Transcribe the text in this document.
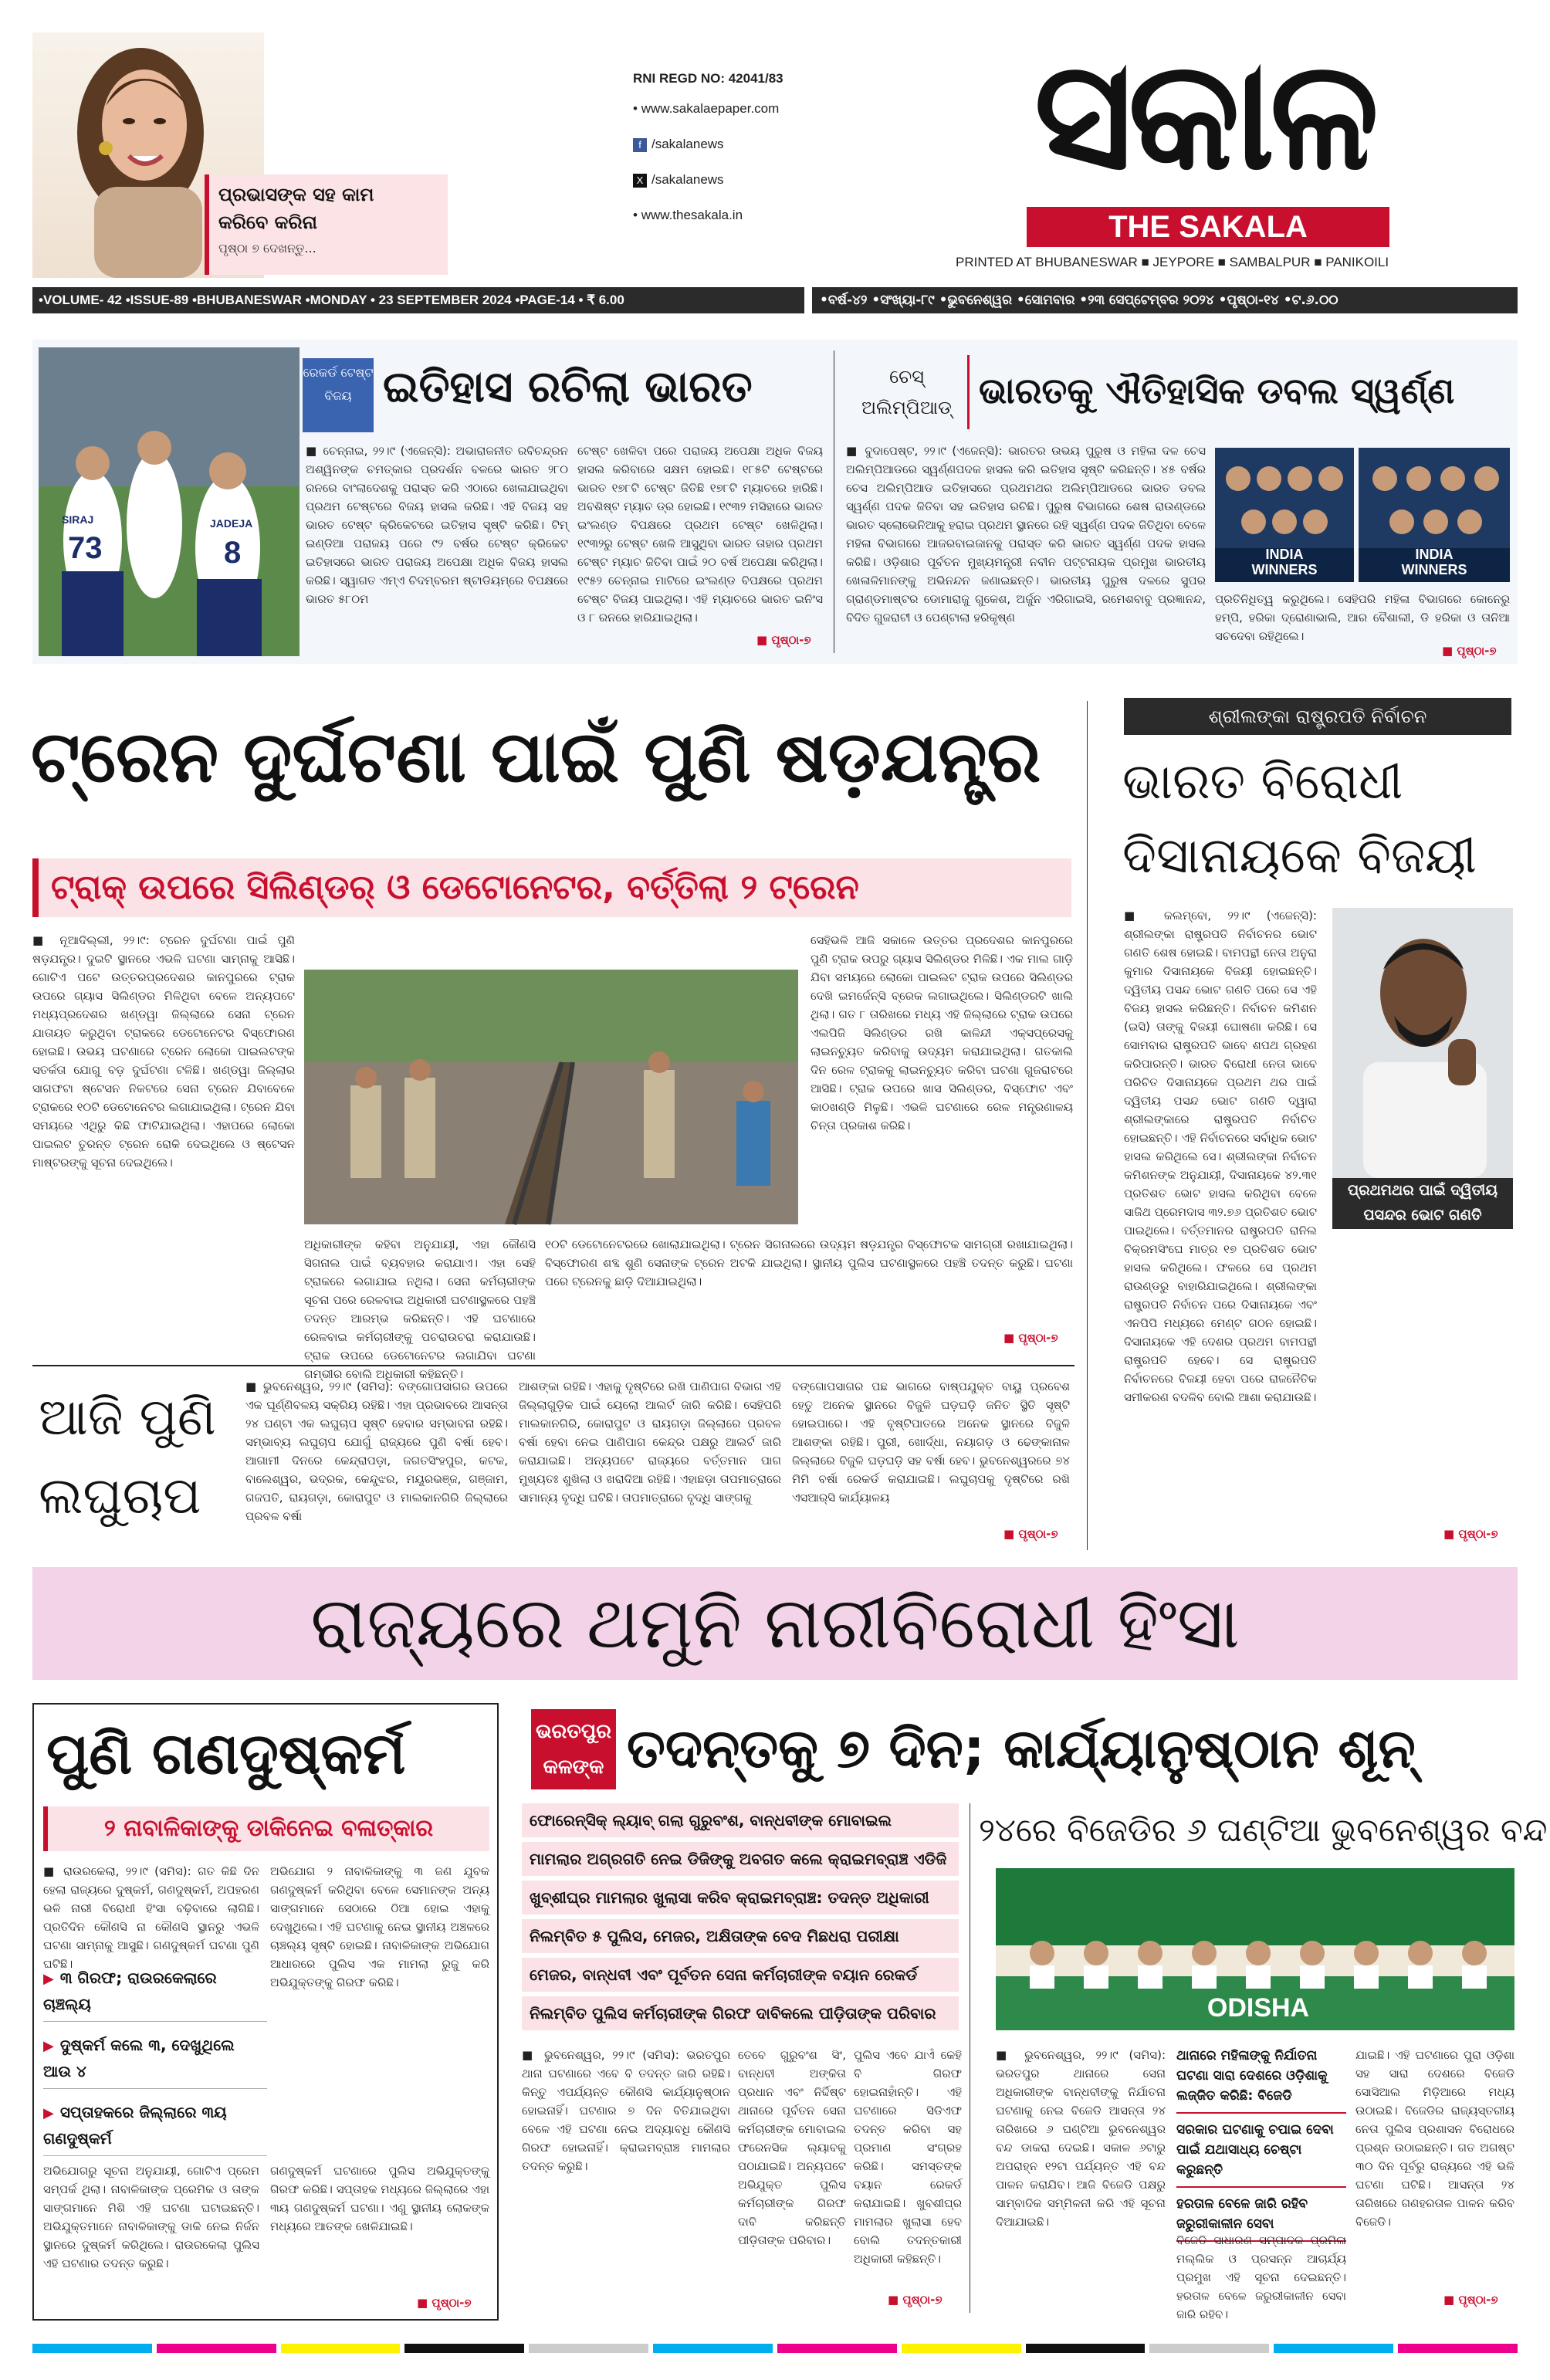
ପ୍ରଭାସଙ୍କ ସହ କାମ
କରିବେ କରିନା
ପୃଷ୍ଠା ୭ ଦେଖନ୍ତୁ...
RNI REGD NO: 42041/83
• www.sakalaepaper.com
f /sakalanews
X /sakalanews
• www.thesakala.in
ସକାଳ
THE SAKALA
PRINTED AT BHUBANESWAR ■ JEYPORE ■ SAMBALPUR ■ PANIKOILI
•VOLUME- 42 •ISSUE-89 •BHUBANESWAR •MONDAY • 23 SEPTEMBER 2024 •PAGE-14 • ₹ 6.00	•ବର୍ଷ-୪୨ •ସଂଖ୍ୟା-୮୯ •ଭୁବନେଶ୍ୱର •ସୋମବାର •୨୩ ସେପ୍ଟେମ୍ବର ୨୦୨୪ •ପୃଷ୍ଠା-୧୪ •ଟ.୬.୦୦
SIRAJ
73
JADEJA
8
ରେକର୍ଡ ଟେଷ୍ଟ ବିଜୟ ଇତିହାସ ରଚିଲା ଭାରତ
■ ଚେନ୍ନାଇ, ୨୨।୯ (ଏଜେନ୍ସି): ଅଭାରାଜନୀତ ରବିଚନ୍ଦ୍ରନ ଅଶ୍ୱିନଙ୍କ ଚମତ୍କାର ପ୍ରଦର୍ଶନ ବଳରେ ଭାରତ ୨୮୦ ରନରେ ବାଂଲାଦେଶକୁ ପରାସ୍ତ କରି ଏଠାରେ ଖେଳାଯାଇଥିବା ପ୍ରଥମ ଟେଷ୍ଟରେ ବିଜୟ ହାସଲ କରିଛି। ଏହି ବିଜୟ ସହ ଭାରତ ଟେଷ୍ଟ କ୍ରିକେଟରେ ଇତିହାସ ସୃଷ୍ଟି କରିଛି। ଟିମ୍ ଇଣ୍ଡିଆ ପରାଜୟ ପରେ ୯୨ ବର୍ଷର ଟେଷ୍ଟ କ୍ରିକେଟ ଇତିହାସରେ ଭାରତ ପରାଜୟ ଅପେକ୍ଷା ଅଧିକ ବିଜୟ ହାସଲ କରିଛି। ସ୍ୱାଗତ ଏମ୍‌ଏ ଚିଦମ୍ବରମ ଷ୍ଟାଡିୟମ୍‌ରେ ବିପକ୍ଷରେ ଭାରତ ୫୮୦ମ
ଟେଷ୍ଟ ଖେଳିବା ପରେ ପରାଜୟ ଅପେକ୍ଷା ଅଧିକ ବିଜୟ ହାସଲ କରିବାରେ ସକ୍ଷମ ହୋଇଛି। ୧୮୫ଟି ଟେଷ୍ଟରେ ଭାରତ ୧୭୮ଟି ଟେଷ୍ଟ ଜିତିଛି ୧୭୮ଟି ମ୍ୟାଚରେ ହାରିଛି। ଅବଶିଷ୍ଟ ମ୍ୟାଚ ଡ୍ର ହୋଇଛି। ୧୯୩୨ ମସିହାରେ ଭାରତ ଇଂଲଣ୍ଡ ବିପକ୍ଷରେ ପ୍ରଥମ ଟେଷ୍ଟ ଖେଳିଥିଲା। ୧୯୩୨ରୁ ଟେଷ୍ଟ ଖେଳି ଆସୁଥିବା ଭାରତ ତାହାର ପ୍ରଥମ ଟେଷ୍ଟ ମ୍ୟାଚ ଜିତିବା ପାଇଁ ୨୦ ବର୍ଷ ଅପେକ୍ଷା କରିଥିଲା। ୧୯୫୨ ଚେନ୍ନାଇ ମାଟିରେ ଇଂଲଣ୍ଡ ବିପକ୍ଷରେ ପ୍ରଥମ ଟେଷ୍ଟ ବିଜୟ ପାଇଥିଲା। ଏହି ମ୍ୟାଚରେ ଭାରତ ଇନିଂସ ଓ ୮ ରନରେ ହାରିଯାଇଥିଲା।
■ ପୃଷ୍ଠା-୭
ଚେସ୍ ଅଲିମ୍ପିଆଡ୍ ଭାରତକୁ ଐତିହାସିକ ଡବଲ ସ୍ୱର୍ଣ୍ଣ
■ ବୁଦାପେଷ୍ଟ, ୨୨।୯ (ଏଜେନ୍ସି): ଭାରତର ଉଭୟ ପୁରୁଷ ଓ ମହିଳା ଦଳ ଚେସ ଅଲିମ୍ପିଆଡରେ ସ୍ୱର୍ଣ୍ଣପଦକ ହାସଲ କରି ଇତିହାସ ସୃଷ୍ଟି କରିଛନ୍ତି। ୪୫ ବର୍ଷର ଚେସ ଅଲିମ୍ପିଆଡ ଇତିହାସରେ ପ୍ରଥମଥର ଅଲିମ୍ପିଆଡରେ ଭାରତ ଡବଲ ସ୍ୱର୍ଣ୍ଣ ପଦକ ଜିତିବା ସହ ଇତିହାସ ରଚିଛି। ପୁରୁଷ ବିଭାଗରେ ଶେଷ ରାଉଣ୍ଡରେ ଭାରତ ସ୍ଲୋଭେନିଆକୁ ହରାଇ ପ୍ରଥମ ସ୍ଥାନରେ ରହି ସ୍ୱର୍ଣ୍ଣ ପଦକ ଜିତିଥିବା ବେଳେ ମହିଳା ବିଭାଗରେ ଆଜରବାଇଜାନକୁ ପରାସ୍ତ କରି ଭାରତ ସ୍ୱର୍ଣ୍ଣ ପଦକ ହାସଲ କରିଛି। ଓଡ଼ିଶାର ପୂର୍ବତନ ମୁଖ୍ୟମନ୍ତ୍ରୀ ନବୀନ ପଟ୍ଟନାୟକ ପ୍ରମୁଖ ଭାରତୀୟ ଖେଳାଳିମାନଙ୍କୁ ଅଭିନନ୍ଦନ ଜଣାଇଛନ୍ତି। ଭାରତୀୟ ପୁରୁଷ ଦଳରେ ସୁପର ଗ୍ରାଣ୍ଡମାଷ୍ଟର ଡୋମାରାଜୁ ଗୁକେଶ, ଅର୍ଜୁନ ଏରିଗାଇସି, ରମେଶବାବୁ ପ୍ରଜ୍ଞାନନ୍ଦ, ବିଦିତ ଗୁଜରାଟୀ ଓ ପେଣ୍ଟାଲା ହରିକୃଷ୍ଣ
INDIA
WINNERS
INDIA
WINNERS
ପ୍ରତିନିଧିତ୍ୱ କରୁଥିଲେ। ସେହିପରି ମହିଳା ବିଭାଗରେ କୋନେରୁ ହମ୍ପି, ହରିକା ଦ୍ରୋଣାଭାଲି, ଆର ବୈଶାଲୀ, ଡି ହରିକା ଓ ତାନିଆ ସଚଦେବା ରହିଥିଲେ।
■ ପୃଷ୍ଠା-୭
ଟ୍ରେନ ଦୁର୍ଘଟଣା ପାଇଁ ପୁଣି ଷଡ଼ଯନ୍ତ୍ର
ଟ୍ରାକ୍ ଉପରେ ସିଲିଣ୍ଡର୍ ଓ ଡେଟୋନେଟର, ବର୍ତ୍ତିଲା ୨ ଟ୍ରେନ
■ ନୂଆଦିଲ୍ଲୀ, ୨୨।୯: ଟ୍ରେନ ଦୁର୍ଘଟଣା ପାଇଁ ପୁଣି ଷଡ଼ଯନ୍ତ୍ର। ଦୁଇଟି ସ୍ଥାନରେ ଏଭଳି ଘଟଣା ସାମ୍ନାକୁ ଆସିଛି। ଗୋଟିଏ ପଟେ ଉତ୍ତରପ୍ରଦେଶର କାନପୁରରେ ଟ୍ରାକ ଉପରେ ଗ୍ୟାସ ସିଲିଣ୍ଡର ମିଳିଥିବା ବେଳେ ଅନ୍ୟପଟେ ମଧ୍ୟପ୍ରଦେଶର ଖଣ୍ଡୱା ଜିଲ୍ଲାରେ ସେନା ଟ୍ରେନ ଯାତାୟତ କରୁଥିବା ଟ୍ରାକରେ ଡେଟୋନେଟର ବିସ୍ଫୋରଣ ହୋଇଛି। ଉଭୟ ଘଟଣାରେ ଟ୍ରେନ ଲୋକୋ ପାଇଲଟଙ୍କ ସତର୍କତା ଯୋଗୁ ବଡ଼ ଦୁର୍ଘଟଣା ଟଳିଛି। ଖଣ୍ଡୱା ଜିଲ୍ଲାର ସାଗଫଟା ଷ୍ଟେସନ ନିକଟରେ ସେନା ଟ୍ରେନ ଯିବାବେଳେ ଟ୍ରାକରେ ୧୦ଟି ଡେଟୋନେଟର ଲଗାଯାଇଥିଲା। ଟ୍ରେନ ଯିବା ସମୟରେ ଏଥିରୁ କିଛି ଫାଟିଯାଇଥିଲା। ଏହାପରେ ଲୋକୋ ପାଇଲଟ ତୁରନ୍ତ ଟ୍ରେନ ରୋକି ଦେଇଥିଲେ ଓ ଷ୍ଟେସନ ମାଷ୍ଟରଙ୍କୁ ସୂଚନା ଦେଇଥିଲେ।
ଅଧିକାରୀଙ୍କ କହିବା ଅନୁଯାୟୀ, ଏହା କୌଣସି ସିଗନାଲ ପାଇଁ ବ୍ୟବହାର କରାଯାଏ। ଏହା ସେହି ଟ୍ରାକରେ ଲଗାଯାଇ ନଥିଲା। ସେନା କର୍ମଚାରୀଙ୍କ ସୂଚନା ପରେ ରେଳବାଇ ଅଧିକାରୀ ଘଟଣାସ୍ଥଳରେ ପହଞ୍ଚି ତଦନ୍ତ ଆରମ୍ଭ କରିଛନ୍ତି। ଏହି ଘଟଣାରେ ରେଳବାଇ କର୍ମଚାରୀଙ୍କୁ ପଚରାଉଚରା କରାଯାଉଛି। ଟ୍ରାକ ଉପରେ ଡେଟୋନେଟର ଲଗାଯିବା ଘଟଣା ଗମ୍ଭୀର ବୋଲି ଅଧିକାରୀ କହିଛନ୍ତି।
ସେହିଭଳି ଆଜି ସକାଳେ ଉତ୍ତର ପ୍ରଦେଶର କାନପୁରରେ ପୁଣି ଟ୍ରାକ ଉପରୁ ଗ୍ୟାସ ସିଲିଣ୍ଡର ମିଳିଛି। ଏକ ମାଲ ଗାଡ଼ି ଯିବା ସମୟରେ ଲୋକୋ ପାଇଲଟ ଟ୍ରାକ ଉପରେ ସିଲିଣ୍ଡର ଦେଖି ଇମର୍ଜେନ୍ସି ବ୍ରେକ ଲଗାଇଥିଲେ। ସିଲିଣ୍ଡରଟି ଖାଲି ଥିଲା। ଗତ ୮ ତାରିଖରେ ମଧ୍ୟ ଏହି ଜିଲ୍ଲାରେ ଟ୍ରାକ ଉପରେ ଏଲପିଜି ସିଲିଣ୍ଡର ରଖି କାଳିନ୍ଦୀ ଏକ୍ସପ୍ରେସକୁ ଲାଇନଚ୍ୟୁତ କରିବାକୁ ଉଦ୍ୟମ କରାଯାଇଥିଲା। ଗତକାଲି ଦିନ ରେଳ ଟ୍ରାକକୁ ଲାଇନଚ୍ୟୁତ କରିବା ଘଟଣା ଗୁଜରାଟରେ ଆସିଛି। ଟ୍ରାକ ଉପରେ ଖାସ ସିଲିଣ୍ଡର, ବିସ୍ଫୋଟ ଏବଂ କାଠଖଣ୍ଡି ମିଳୁଛି। ଏଭଳି ଘଟଣାରେ ରେଳ ମନ୍ତ୍ରଣାଳୟ ଚିନ୍ତା ପ୍ରକାଶ କରିଛି।
୧୦ଟି ଡେଟୋନେଟରରେ ଖୋଲାଯାଇଥିଲା। ଟ୍ରେନ ସିଗନାଲରେ ଉଦ୍ୟମ ଷଡ଼ଯନ୍ତ୍ର ବିସ୍ଫୋଟକ ସାମଗ୍ରୀ ରଖାଯାଇଥିଲା। ବିସ୍ଫୋରଣ ଶବ୍ଦ ଶୁଣି ସେନାଙ୍କ ଟ୍ରେନ ଅଟକି ଯାଇଥିଲା। ସ୍ଥାନୀୟ ପୁଲିସ ଘଟଣାସ୍ଥଳରେ ପହଞ୍ଚି ତଦନ୍ତ କରୁଛି। ଘଟଣା ପରେ ଟ୍ରେନକୁ ଛାଡ଼ି ଦିଆଯାଇଥିଲା।
■ ପୃଷ୍ଠା-୭
ଶ୍ରୀଲଙ୍କା ରାଷ୍ଟ୍ରପତି ନିର୍ବାଚନ
ଭାରତ ବିରୋଧୀ
ଦିସାନାୟକେ ବିଜୟୀ
■ କଲମ୍ବୋ, ୨୨।୯ (ଏଜେନ୍ସି): ଶ୍ରୀଲଙ୍କା ରାଷ୍ଟ୍ରପତି ନିର୍ବାଚନର ଭୋଟ ଗଣତି ଶେଷ ହୋଇଛି। ବାମପନ୍ଥୀ ନେତା ଅନୁରା କୁମାର ଦିସାନାୟକେ ବିଜୟୀ ହୋଇଛନ୍ତି। ଦ୍ୱିତୀୟ ପସନ୍ଦ ଭୋଟ ଗଣତି ପରେ ସେ ଏହି ବିଜୟ ହାସଲ କରିଛନ୍ତି। ନିର୍ବାଚନ କମିଶନ (ଇସି) ତାଙ୍କୁ ବିଜୟୀ ଘୋଷଣା କରିଛି। ସେ ସୋମବାର ରାଷ୍ଟ୍ରପତି ଭାବେ ଶପଥ ଗ୍ରହଣ କରିପାରନ୍ତି। ଭାରତ ବିରୋଧୀ ନେତା ଭାବେ ପରିଚିତ ଦିସାନାୟକେ ପ୍ରଥମ ଥର ପାଇଁ ଦ୍ୱିତୀୟ ପସନ୍ଦ ଭୋଟ ଗଣତି ଦ୍ୱାରା ଶ୍ରୀଲଙ୍କାରେ ରାଷ୍ଟ୍ରପତି ନିର୍ବାଚିତ ହୋଇଛନ୍ତି। ଏହି ନିର୍ବାଚନରେ ସର୍ବାଧିକ ଭୋଟ ହାସଲ କରିଥିଲେ ସେ। ଶ୍ରୀଲଙ୍କା ନିର୍ବାଚନ କମିଶନଙ୍କ ଅନୁଯାୟୀ, ଦିସାନାୟକେ ୪୨.୩୧ ପ୍ରତିଶତ ଭୋଟ ହାସଲ କରିଥିବା ବେଳେ ସାଜିଥ ପ୍ରେମଦାସ ୩୨.୭୬ ପ୍ରତିଶତ ଭୋଟ ପାଇଥିଲେ। ବର୍ତ୍ତମାନର ରାଷ୍ଟ୍ରପତି ରାନିଲ ବିକ୍ରମସିଂଘେ ମାତ୍ର ୧୭ ପ୍ରତିଶତ ଭୋଟ ହାସଲ କରିଥିଲେ। ଫଳରେ ସେ ପ୍ରଥମ ରାଉଣ୍ଡରୁ ବାହାରିଯାଇଥିଲେ। ଶ୍ରୀଲଙ୍କା ରାଷ୍ଟ୍ରପତି ନିର୍ବାଚନ ପରେ ଦିସାନାୟକେ ଏବଂ ଏନପିପି ମଧ୍ୟରେ ମେଣ୍ଟ ଗଠନ ହୋଇଛି। ଦିସାନାୟକେ ଏହି ଦେଶର ପ୍ରଥମ ବାମପନ୍ଥୀ ରାଷ୍ଟ୍ରପତି ହେବେ। ସେ ରାଷ୍ଟ୍ରପତି ନିର୍ବାଚନରେ ବିଜୟୀ ହେବା ପରେ ରାଜନୈତିକ ସମୀକରଣ ବଦଳିବ ବୋଲି ଆଶା କରାଯାଉଛି।
ପ୍ରଥମଥର ପାଇଁ ଦ୍ୱିତୀୟ
ପସନ୍ଦର ଭୋଟ ଗଣତି
■ ପୃଷ୍ଠା-୭
ଆଜି ପୁଣି
ଲଘୁଚାପ
■ ଭୁବନେଶ୍ୱର, ୨୨।୯ (ସମିସ): ବଙ୍ଗୋପସାଗର ଉପରେ ଏକ ଘୂର୍ଣ୍ଣିବଳୟ ସକ୍ରିୟ ରହିଛି। ଏହା ପ୍ରଭାବରେ ଆସନ୍ତା ୨୪ ଘଣ୍ଟା ଏକ ଲଘୁଚାପ ସୃଷ୍ଟି ହେବାର ସମ୍ଭାବନା ରହିଛି। ସମ୍ଭାବ୍ୟ ଲଘୁଚାପ ଯୋଗୁଁ ରାଜ୍ୟରେ ପୁଣି ବର୍ଷା ହେବ। ଆଗାମୀ ଦିନରେ କେନ୍ଦ୍ରାପଡ଼ା, ଜଗତସିଂହପୁର, କଟକ, ବାଲେଶ୍ୱର, ଭଦ୍ରକ, କେନ୍ଦୁଝର, ମୟୂରଭଞ୍ଜ, ଗଞ୍ଜାମ, ଗଜପତି, ରାୟଗଡ଼ା, କୋରାପୁଟ ଓ ମାଲକାନଗିରି ଜିଲ୍ଲାରେ ପ୍ରବଳ ବର୍ଷା
ଆଶଙ୍କା ରହିଛି। ଏହାକୁ ଦୃଷ୍ଟିରେ ରଖି ପାଣିପାଗ ବିଭାଗ ଏହି ଜିଲ୍ଲାଗୁଡ଼ିକ ପାଇଁ ୟେଲୋ ଆଲର୍ଟ ଜାରି କରିଛି। ସେହିପରି ମାଲକାନଗିରି, କୋରାପୁଟ ଓ ରାୟଗଡ଼ା ଜିଲ୍ଲାରେ ପ୍ରବଳ ବର୍ଷା ହେବା ନେଇ ପାଣିପାଗ କେନ୍ଦ୍ର ପକ୍ଷରୁ ଆଲର୍ଟ ଜାରି କରାଯାଇଛି। ଅନ୍ୟପଟେ ରାଜ୍ୟରେ ବର୍ତ୍ତମାନ ପାଗ ମୁଖ୍ୟତଃ ଶୁଖିଲା ଓ ଖରାଦିଆ ରହିଛି। ଏହାଛଡ଼ା ତାପମାତ୍ରାରେ ସାମାନ୍ୟ ବୃଦ୍ଧି ଘଟିଛି। ତାପମାତ୍ରାରେ ବୃଦ୍ଧି ସାଙ୍ଗକୁ
ବଙ୍ଗୋପସାଗର ପଛ ଭାଗରେ ବାଷ୍ପଯୁକ୍ତ ବାୟୁ ପ୍ରବେଶ ହେତୁ ଅନେକ ସ୍ଥାନରେ ବିଜୁଳି ଘଡ଼ଘଡ଼ି ଜନିତ ସ୍ଥିତି ସୃଷ୍ଟି ହୋଇପାରେ। ଏହି ବୃଷ୍ଟିପାତରେ ଅନେକ ସ୍ଥାନରେ ବିଜୁଳି ଆଶଙ୍କା ରହିଛି। ପୁରୀ, ଖୋର୍ଦ୍ଧା, ନୟାଗଡ଼ ଓ ଢେଙ୍କାନାଳ ଜିଲ୍ଲାରେ ବିଜୁଳି ଘଡ଼ଘଡ଼ି ସହ ବର୍ଷା ହେବ। ଭୁବନେଶ୍ୱରରେ ୭୪ ମିମି ବର୍ଷା ରେକର୍ଡ କରାଯାଇଛି। ଲଘୁଚାପକୁ ଦୃଷ୍ଟିରେ ରଖି ଏସଆର୍‌ସି କାର୍ଯ୍ୟାଳୟ
■ ପୃଷ୍ଠା-୭
ରାଜ୍ୟରେ ଥମୁନି ନାରୀବିରୋଧୀ ହିଂସା
ପୁଣି ଗଣଦୁଷ୍କର୍ମ
୨ ନାବାଳିକାଙ୍କୁ ଡାକିନେଇ ବଳାତ୍କାର
■ ରାଉରକେଲା, ୨୨।୯ (ସମିସ): ଗତ କିଛି ଦିନ ହେଲା ରାଜ୍ୟରେ ଦୁଷ୍କର୍ମ, ଗଣଦୁଷ୍କର୍ମ, ଅପହରଣ ଭଳି ନାରୀ ବିରୋଧୀ ହିଂସା ବଢ଼ିବାରେ ଲାଗିଛି। ପ୍ରତିଦିନ କୌଣସି ନା କୌଣସି ସ୍ଥାନରୁ ଏଭଳି ଘଟଣା ସାମ୍ନାକୁ ଆସୁଛି। ଗଣଦୁଷ୍କର୍ମ ଘଟଣା ପୁଣି ଘଟିଛି।
ଅଭିଯୋଗ ୨ ନାବାଳିକାଙ୍କୁ ୩ ଜଣ ଯୁବକ ଗଣଦୁଷ୍କର୍ମ କରିଥିବା ବେଳେ ସେମାନଙ୍କ ଅନ୍ୟ ସାଙ୍ଗମାନେ ସେଠାରେ ଠିଆ ହୋଇ ଏହାକୁ ଦେଖୁଥିଲେ। ଏହି ଘଟଣାକୁ ନେଇ ସ୍ଥାନୀୟ ଅଞ୍ଚଳରେ ଚାଞ୍ଚଲ୍ୟ ସୃଷ୍ଟି ହୋଇଛି। ନାବାଳିକାଙ୍କ ଅଭିଯୋଗ ଆଧାରରେ ପୁଲିସ ଏକ ମାମଲା ରୁଜୁ କରି ଅଭିଯୁକ୍ତଙ୍କୁ ଗିରଫ କରିଛି।
▶ ୩ ଗିରଫ; ରାଉରକେଲାରେ ଚାଞ୍ଚଲ୍ୟ
▶ ଦୁଷ୍କର୍ମ କଲେ ୩, ଦେଖୁଥିଲେ ଆଉ ୪
▶ ସପ୍ତାହକରେ ଜିଲ୍ଲାରେ ୩ୟ ଗଣଦୁଷ୍କର୍ମ
ଅଭିଯୋଗରୁ ସୂଚନା ଅନୁଯାୟୀ, ଗୋଟିଏ ପ୍ରେମ ସମ୍ପର୍କ ଥିଲା। ନାବାଳିକାଙ୍କ ପ୍ରେମିକ ଓ ତାଙ୍କ ସାଙ୍ଗମାନେ ମିଶି ଏହି ଘଟଣା ଘଟାଇଛନ୍ତି। ଅଭିଯୁକ୍ତମାନେ ନାବାଳିକାଙ୍କୁ ଡାକି ନେଇ ନିର୍ଜନ ସ୍ଥାନରେ ଦୁଷ୍କର୍ମ କରିଥିଲେ। ରାଉରକେଲା ପୁଲିସ ଏହି ଘଟଣାର ତଦନ୍ତ କରୁଛି।
ଗଣଦୁଷ୍କର୍ମ ଘଟଣାରେ ପୁଲିସ ଅଭିଯୁକ୍ତଙ୍କୁ ଗିରଫ କରିଛି। ସପ୍ତାହକ ମଧ୍ୟରେ ଜିଲ୍ଲାରେ ଏହା ୩ୟ ଗଣଦୁଷ୍କର୍ମ ଘଟଣା। ଏଣୁ ସ୍ଥାନୀୟ ଲୋକଙ୍କ ମଧ୍ୟରେ ଆତଙ୍କ ଖେଳିଯାଇଛି।
■ ପୃଷ୍ଠା-୭
ଭରତପୁର
କଳଙ୍କ ତଦନ୍ତକୁ ୭ ଦିନ; କାର୍ଯ୍ୟାନୁଷ୍ଠାନ ଶୂନ୍
ଫୋରେନ୍‌ସିକ୍ ଲ୍ୟାବ୍ ଗଲା ଗୁରୁବଂଶ, ବାନ୍ଧବୀଙ୍କ ମୋବାଇଲ
ମାମଲାର ଅଗ୍ରଗତି ନେଇ ଡିଜିଙ୍କୁ ଅବଗତ କଲେ କ୍ରାଇମବ୍ରାଞ୍ଚ ଏଡିଜି
ଖୁବ୍‌ଶୀଘ୍ର ମାମଲାର ଖୁଲାସା କରିବ କ୍ରାଇମବ୍ରାଞ୍ଚ: ତଦନ୍ତ ଅଧିକାରୀ
ନିଲମ୍ବିତ ୫ ପୁଲିସ, ମେଜର, ଅକ୍ଷିତାଙ୍କ ବେଦ ମିଛଧରା ପରୀକ୍ଷା
ମେଜର, ବାନ୍ଧବୀ ଏବଂ ପୂର୍ବତନ ସେନା କର୍ମଚାରୀଙ୍କ ବୟାନ ରେକର୍ଡ
ନିଲମ୍ବିତ ପୁଲିସ କର୍ମଚାରୀଙ୍କ ଗିରଫ ଦାବିକଲେ ପୀଡ଼ିତାଙ୍କ ପରିବାର
■ ଭୁବନେଶ୍ୱର, ୨୨।୯ (ସମିସ): ଭରତପୁର ଥାନା ଘଟଣାରେ ଏବେ ବି ତଦନ୍ତ ଜାରି ରହିଛି। କିନ୍ତୁ ଏପର୍ଯ୍ୟନ୍ତ କୌଣସି କାର୍ଯ୍ୟାନୁଷ୍ଠାନ ହୋଇନାହିଁ। ଘଟଣାର ୭ ଦିନ ବିତିଯାଇଥିବା ବେଳେ ଏହି ଘଟଣା ନେଇ ଅଦ୍ୟାବଧି କୌଣସି ଗିରଫ ହୋଇନାହିଁ। କ୍ରାଇମବ୍ରାଞ୍ଚ ମାମଲାର ତଦନ୍ତ କରୁଛି।
ତେବେ ଗୁରୁବଂଶ ସିଂ, ବାନ୍ଧବୀ ଅଙ୍କିତା ପ୍ରଧାନ ଏବଂ ନିର୍ଦ୍ଦିଷ୍ଟ ଥାନାରେ ପୂର୍ବତନ ସେନା କର୍ମଚାରୀଙ୍କ ମୋବାଇଲ ଫରେନସିକ ଲ୍ୟାବକୁ ପଠାଯାଇଛି। ଅନ୍ୟପଟେ ଅଭିଯୁକ୍ତ ପୁଲିସ କର୍ମଚାରୀଙ୍କ ଗିରଫ ଦାବି କରିଛନ୍ତି ପୀଡ଼ିତାଙ୍କ ପରିବାର।
ପୁଲିସ ଏବେ ଯାଏଁ କେହି ବି ଗିରଫ ହୋଇନାହାଁନ୍ତି। ଏହି ଘଟଣାରେ ସିଡିଏଫ ତଦନ୍ତ କରିବା ସହ ପ୍ରମାଣ ସଂଗ୍ରହ କରିଛି। ସମସ୍ତଙ୍କ ବୟାନ ରେକର୍ଡ କରାଯାଇଛି। ଖୁବଶୀଘ୍ର ମାମଲାର ଖୁଲାସା ହେବ ବୋଲି ତଦନ୍ତକାରୀ ଅଧିକାରୀ କହିଛନ୍ତି।
■ ପୃଷ୍ଠା-୭
୨୪ରେ ବିଜେଡିର ୬ ଘଣ୍ଟିଆ ଭୁବନେଶ୍ୱର ବନ୍ଦ
ODISHA
■ ଭୁବନେଶ୍ୱର, ୨୨।୯ (ସମିସ): ଭରତପୁର ଥାନାରେ ସେନା ଅଧିକାରୀଙ୍କ ବାନ୍ଧବୀଙ୍କୁ ନିର୍ଯାତନା ଘଟଣାକୁ ନେଇ ବିଜେଡି ଆସନ୍ତା ୨୪ ତାରିଖରେ ୬ ଘଣ୍ଟିଆ ଭୁବନେଶ୍ୱର ବନ୍ଦ ଡାକରା ଦେଇଛି। ସକାଳ ୬ଟାରୁ ଅପରାହ୍ନ ୧୨ଟା ପର୍ଯ୍ୟନ୍ତ ଏହି ବନ୍ଦ ପାଳନ କରାଯିବ। ଆଜି ବିଜେଡି ପକ୍ଷରୁ ସାମ୍ବାଦିକ ସମ୍ମିଳନୀ କରି ଏହି ସୂଚନା ଦିଆଯାଇଛି।
ଥାନାରେ ମହିଳାଙ୍କୁ ନିର୍ଯାତନା ଘଟଣା ସାରା ଦେଶରେ ଓଡ଼ିଶାକୁ ଲଜ୍ଜିତ କରିଛି: ବିଜେଡି
ସରକାର ଘଟଣାକୁ ଚପାଇ ଦେବା ପାଇଁ ଯଥାସାଧ୍ୟ ଚେଷ୍ଟା କରୁଛନ୍ତି
ହରତାଳ ବେଳେ ଜାରି ରହିବ ଜରୁରୀକାଳୀନ ସେବା
ବିଜେଡି ସାଧାରଣ ସମ୍ପାଦକ ପ୍ରମିଳା ମଲ୍ଲିକ ଓ ପ୍ରସନ୍ନ ଆଚାର୍ଯ୍ୟ ପ୍ରମୁଖ ଏହି ସୂଚନା ଦେଇଛନ୍ତି। ହରତାଳ ବେଳେ ଜରୁରୀକାଳୀନ ସେବା ଜାରି ରହିବ।
ଯାଇଛି। ଏହି ଘଟଣାରେ ପୁରା ଓଡ଼ିଶା ସହ ସାରା ଦେଶରେ ବିଜେଡି ସୋସିଆଲ ମିଡ଼ିଆରେ ମଧ୍ୟ ଉଠାଇଛି। ବିଜେଡିର ରାଜ୍ୟସ୍ତରୀୟ ନେତା ପୁଲିସ ପ୍ରଶାସନ ବିରୋଧରେ ପ୍ରଶ୍ନ ଉଠାଇଛନ୍ତି। ଗତ ଅଗଷ୍ଟ ୩୦ ଦିନ ପୂର୍ବରୁ ରାଜ୍ୟରେ ଏହି ଭଳି ଘଟଣା ଘଟିଛି। ଆସନ୍ତା ୨୪ ତାରିଖରେ ଗଣହରତାଳ ପାଳନ କରିବ ବିଜେଡି।
■ ପୃଷ୍ଠା-୭
